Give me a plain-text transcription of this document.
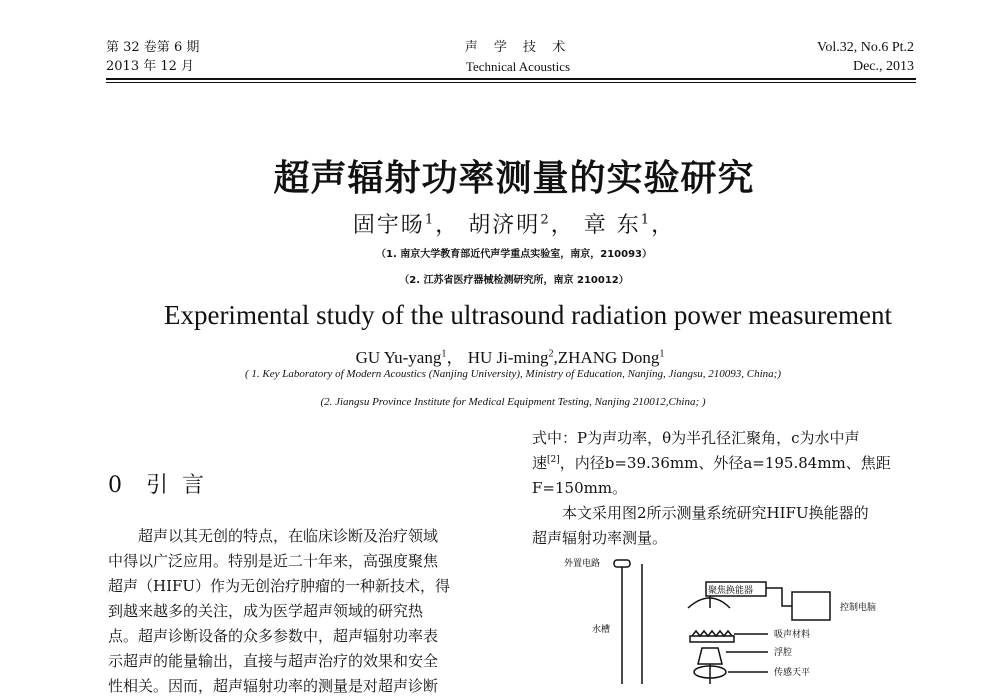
第 32 卷第 6 期
2013 年 12 月
声 学 技 术
Technical Acoustics
Vol.32, No.6 Pt.2
Dec., 2013
超声辐射功率测量的实验研究
固宇旸$^1$， 胡济明$^2$， 章 东$^1$，
（1. 南京大学教育部近代声学重点实验室，南京，210093）
（2. 江苏省医疗器械检测研究所，南京 210012）
Experimental study of the ultrasound radiation power measurement
GU Yu-yang$^1$， HU Ji-ming$^2$,ZHANG Dong$^1$
( 1. Key Laboratory of Modern Acoustics (Nanjing University), Ministry of Education, Nanjing, Jiangsu, 210093, China;)
(2. Jiangsu Province Institute for Medical Equipment Testing, Nanjing 210012,China; )
0 引言
超声以其无创的特点，在临床诊断及治疗领域
中得以广泛应用。特别是近二十年来，高强度聚焦
超声（HIFU）作为无创治疗肿瘤的一种新技术，得
到越来越多的关注，成为医学超声领域的研究热
点。超声诊断设备的众多参数中，超声辐射功率表
示超声的能量输出，直接与超声治疗的效果和安全
性相关。因而，超声辐射功率的测量是对超声诊断
式中：P为声功率，θ为半孔径汇聚角，c为水中声
速[2]，内径b=39.36mm、外径a=195.84mm、焦距
F=150mm。
本文采用图2所示测量系统研究HIFU换能器的
超声辐射功率测量。
外置电路
聚焦换能器
控制电脑
水槽	吸声材料
浮腔
传感天平
